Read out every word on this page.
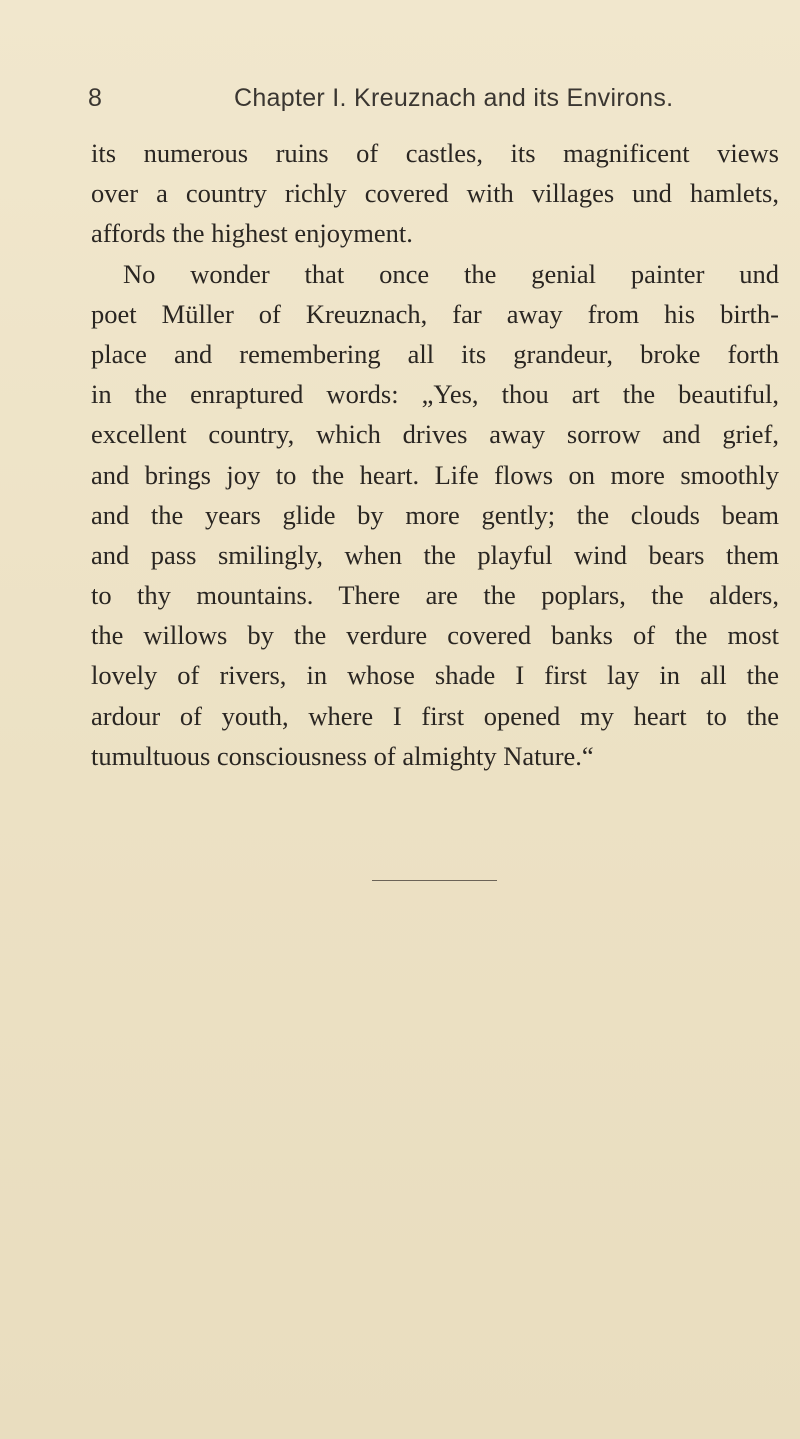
8	Chapter I. Kreuznach and its Environs.
its numerous ruins of castles, its magnificent views
over a country richly covered with villages und hamlets,
affords the highest enjoyment.
No wonder that once the genial painter und
poet Müller of Kreuznach, far away from his birth-
place and remembering all its grandeur, broke forth
in the enraptured words: „Yes, thou art the beautiful,
excellent country, which drives away sorrow and grief,
and brings joy to the heart. Life flows on more smoothly
and the years glide by more gently; the clouds beam
and pass smilingly, when the playful wind bears them
to thy mountains. There are the poplars, the alders,
the willows by the verdure covered banks of the most
lovely of rivers, in whose shade I first lay in all the
ardour of youth, where I first opened my heart to the
tumultuous consciousness of almighty Nature.“
